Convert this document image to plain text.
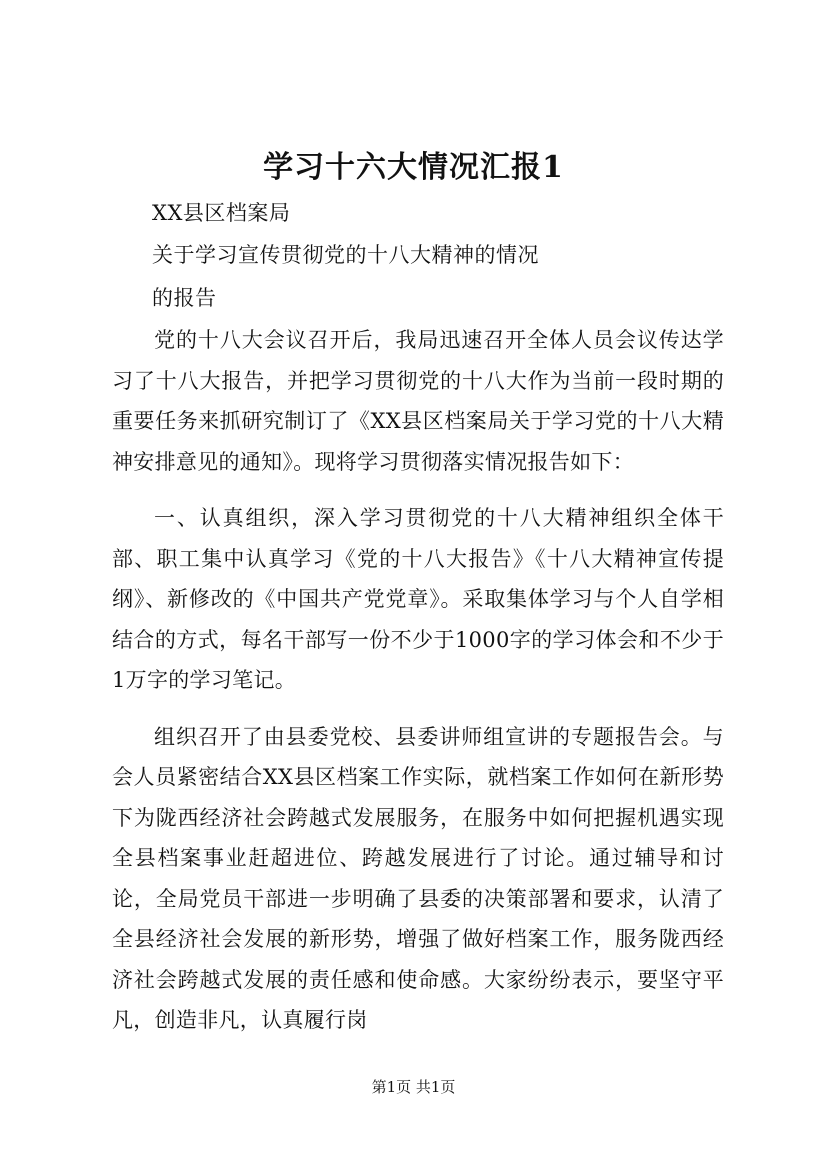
学习十六大情况汇报1
XX县区档案局
关于学习宣传贯彻党的十八大精神的情况
的报告

党的十八大会议召开后，我局迅速召开全体人员会议传达学习了十八大报告，并把学习贯彻党的十八大作为当前一段时期的重要任务来抓研究制订了《XX县区档案局关于学习党的十八大精神安排意见的通知》。现将学习贯彻落实情况报告如下：

一、认真组织，深入学习贯彻党的十八大精神组织全体干部、职工集中认真学习《党的十八大报告》《十八大精神宣传提纲》、新修改的《中国共产党党章》。采取集体学习与个人自学相结合的方式，每名干部写一份不少于1000字的学习体会和不少于1万字的学习笔记。

组织召开了由县委党校、县委讲师组宣讲的专题报告会。与会人员紧密结合XX县区档案工作实际，就档案工作如何在新形势下为陇西经济社会跨越式发展服务，在服务中如何把握机遇实现全县档案事业赶超进位、跨越发展进行了讨论。通过辅导和讨论，全局党员干部进一步明确了县委的决策部署和要求，认清了全县经济社会发展的新形势，增强了做好档案工作，服务陇西经济社会跨越式发展的责任感和使命感。大家纷纷表示，要坚守平凡，创造非凡，认真履行岗

第1页 共1页
